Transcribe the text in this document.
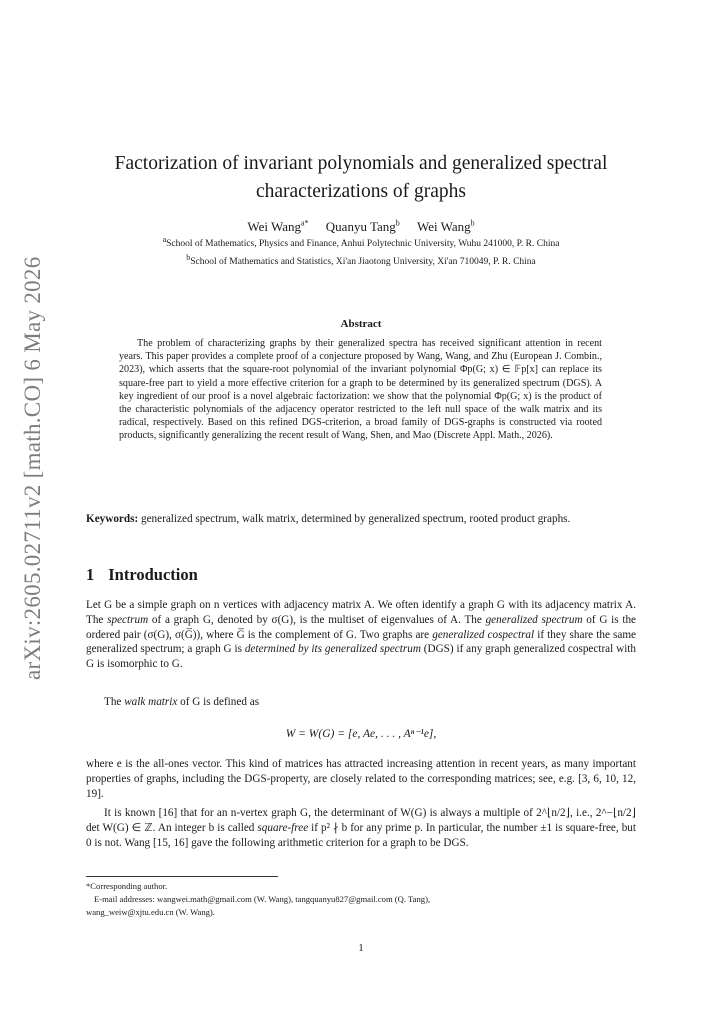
arXiv:2605.02711v2 [math.CO] 6 May 2026
Factorization of invariant polynomials and generalized spectral
characterizations of graphs
Wei Wang$^{a*}$ Quanyu Tang$^b$ Wei Wang$^b$
$^a$School of Mathematics, Physics and Finance, Anhui Polytechnic University, Wuhu 241000, P. R. China
$^b$School of Mathematics and Statistics, Xi'an Jiaotong University, Xi'an 710049, P. R. China
Abstract
The problem of characterizing graphs by their generalized spectra has received significant attention in recent years. This paper provides a complete proof of a conjecture proposed by Wang, Wang, and Zhu (European J. Combin., 2023), which asserts that the square-root polynomial of the invariant polynomial Φp(G; x) ∈ 𝔽p[x] can replace its square-free part to yield a more effective criterion for a graph to be determined by its generalized spectrum (DGS). A key ingredient of our proof is a novel algebraic factorization: we show that the polynomial Φp(G; x) is the product of the characteristic polynomials of the adjacency operator restricted to the left null space of the walk matrix and its radical, respectively. Based on this refined DGS-criterion, a broad family of DGS-graphs is constructed via rooted products, significantly generalizing the recent result of Wang, Shen, and Mao (Discrete Appl. Math., 2026).
Keywords: generalized spectrum, walk matrix, determined by generalized spectrum, rooted product graphs.
1 Introduction
Let G be a simple graph on n vertices with adjacency matrix A. We often identify a graph G with its adjacency matrix A. The spectrum of a graph G, denoted by σ(G), is the multiset of eigenvalues of A. The generalized spectrum of G is the ordered pair (σ(G), σ(G̅)), where G̅ is the complement of G. Two graphs are generalized cospectral if they share the same generalized spectrum; a graph G is determined by its generalized spectrum (DGS) if any graph generalized cospectral with G is isomorphic to G.
The walk matrix of G is defined as
W = W(G) = [e, Ae, . . . , Aⁿ⁻¹e],
where e is the all-ones vector. This kind of matrices has attracted increasing attention in recent years, as many important properties of graphs, including the DGS-property, are closely related to the corresponding matrices; see, e.g. [3, 6, 10, 12, 19].
It is known [16] that for an n-vertex graph G, the determinant of W(G) is always a multiple of 2^⌊n/2⌋, i.e., 2^−⌊n/2⌋ det W(G) ∈ ℤ. An integer b is called square-free if p² ∤ b for any prime p. In particular, the number ±1 is square-free, but 0 is not. Wang [15, 16] gave the following arithmetic criterion for a graph to be DGS.
*Corresponding author.
E-mail addresses: wangwei.math@gmail.com (W. Wang), tangquanyu827@gmail.com (Q. Tang),
wang_weiw@xjtu.edu.cn (W. Wang).
1
